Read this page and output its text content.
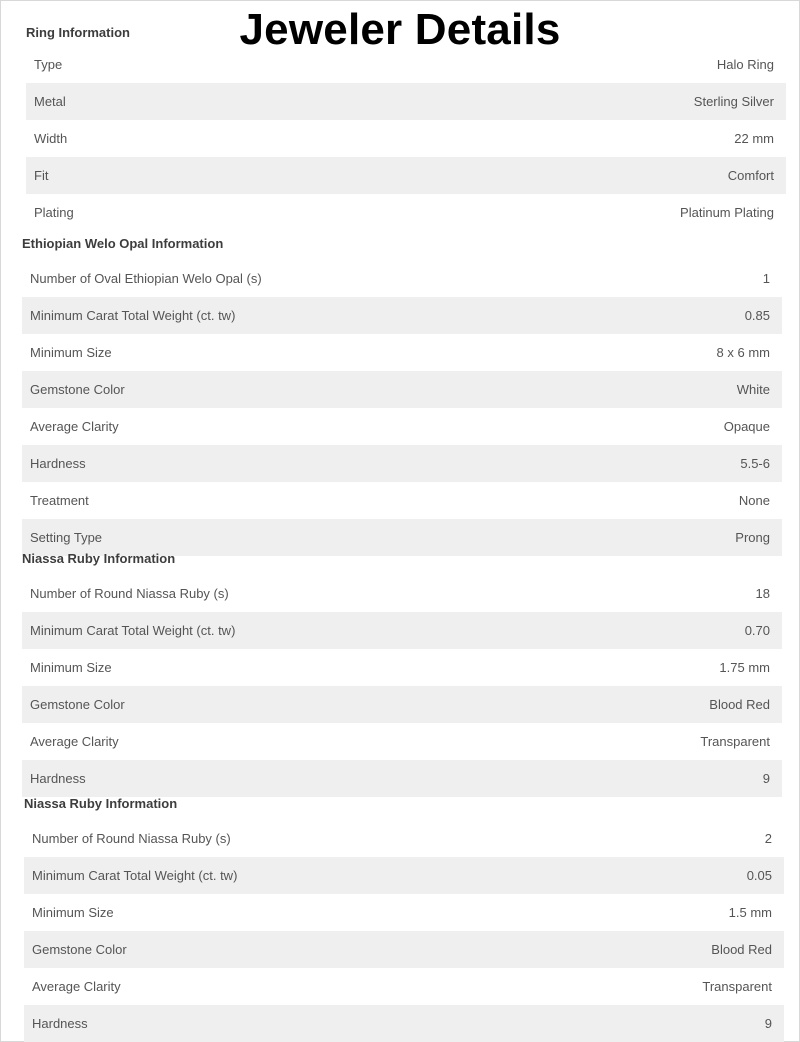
Ring Information
Type	Halo Ring
Metal	Sterling Silver
Width	22 mm
Fit	Comfort
Plating	Platinum Plating
Jeweler Details
Ethiopian Welo Opal Information
Number of Oval Ethiopian Welo Opal (s)	1
Minimum Carat Total Weight (ct. tw)	0.85
Minimum Size	8 x 6 mm
Gemstone Color	White
Average Clarity	Opaque
Hardness	5.5-6
Treatment	None
Setting Type	Prong
Niassa Ruby Information
Number of Round Niassa Ruby (s)	18
Minimum Carat Total Weight (ct. tw)	0.70
Minimum Size	1.75 mm
Gemstone Color	Blood Red
Average Clarity	Transparent
Hardness	9
Niassa Ruby Information
Number of Round Niassa Ruby (s)	2
Minimum Carat Total Weight (ct. tw)	0.05
Minimum Size	1.5 mm
Gemstone Color	Blood Red
Average Clarity	Transparent
Hardness	9
